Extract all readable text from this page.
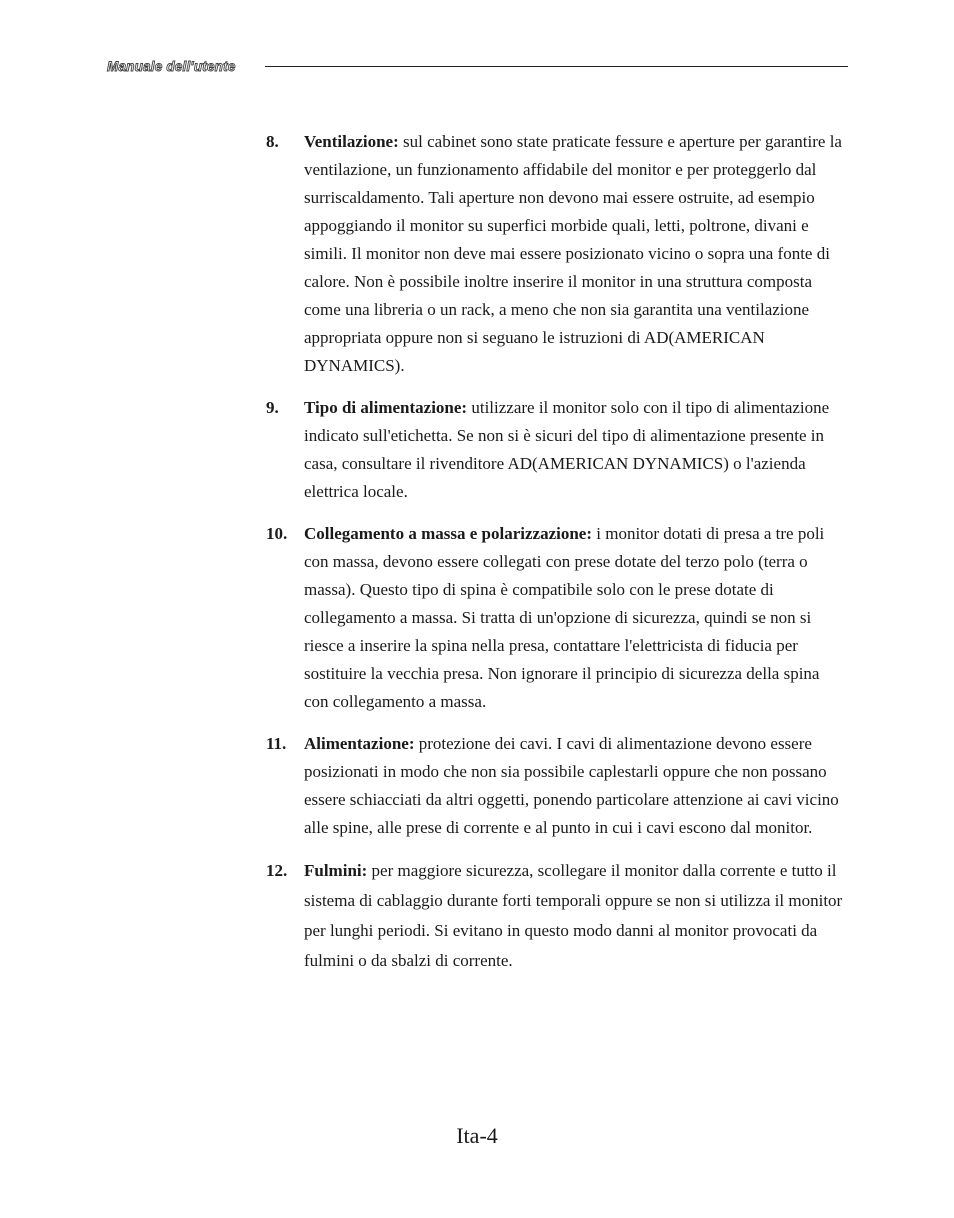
Manuale dell'utente
8. Ventilazione: sul cabinet sono state praticate fessure e aperture per garantire la ventilazione, un funzionamento affidabile del monitor e per proteggerlo dal surriscaldamento. Tali aperture non devono mai essere ostruite, ad esempio appoggiando il monitor su superfici morbide quali, letti, poltrone, divani e simili. Il monitor non deve mai essere posizionato vicino o sopra una fonte di calore. Non è possibile inoltre inserire il monitor in una struttura composta come una libreria o un rack, a meno che non sia garantita una ventilazione appropriata oppure non si seguano le istruzioni di AD(AMERICAN DYNAMICS).
9. Tipo di alimentazione: utilizzare il monitor solo con il tipo di alimentazione indicato sull'etichetta. Se non si è sicuri del tipo di alimentazione presente in casa, consultare il rivenditore AD(AMERICAN DYNAMICS) o l'azienda elettrica locale.
10. Collegamento a massa e polarizzazione: i monitor dotati di presa a tre poli con massa, devono essere collegati con prese dotate del terzo polo (terra o massa). Questo tipo di spina è compatibile solo con le prese dotate di collegamento a massa. Si tratta di un'opzione di sicurezza, quindi se non si riesce a inserire la spina nella presa, contattare l'elettricista di fiducia per sostituire la vecchia presa. Non ignorare il principio di sicurezza della spina con collegamento a massa.
11. Alimentazione: protezione dei cavi. I cavi di alimentazione devono essere posizionati in modo che non sia possibile caplestarli oppure che non possano essere schiacciati da altri oggetti, ponendo particolare attenzione ai cavi vicino alle spine, alle prese di corrente e al punto in cui i cavi escono dal monitor.
12. Fulmini: per maggiore sicurezza, scollegare il monitor dalla corrente e tutto il sistema di cablaggio durante forti temporali oppure se non si utilizza il monitor per lunghi periodi. Si evitano in questo modo danni al monitor provocati da fulmini o da sbalzi di corrente.
Ita-4
